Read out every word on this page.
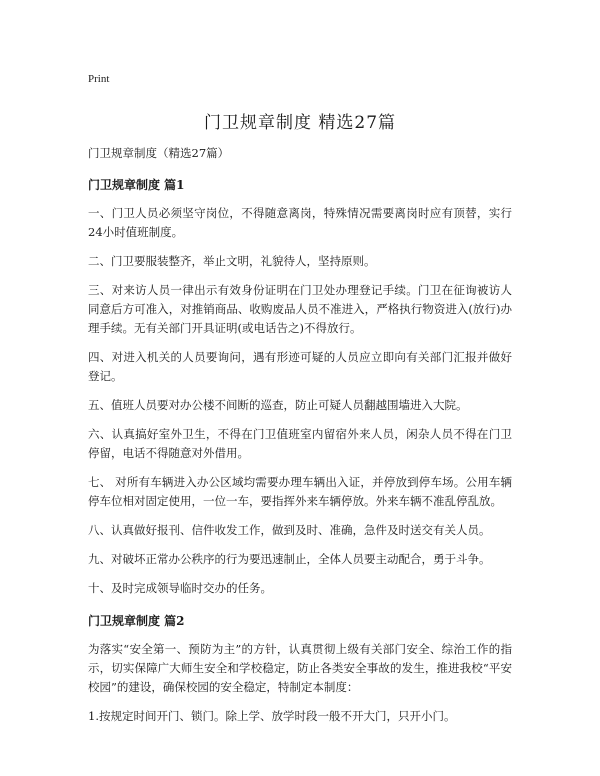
Print
门卫规章制度 精选27篇
门卫规章制度（精选27篇）
门卫规章制度 篇1

一、门卫人员必须坚守岗位，不得随意离岗，特殊情况需要离岗时应有顶替，实行24小时值班制度。

二、门卫要服装整齐，举止文明，礼貌待人，坚持原则。

三、对来访人员一律出示有效身份证明在门卫处办理登记手续。门卫在征询被访人同意后方可准入，对推销商品、收购废品人员不准进入，严格执行物资进入(放行)办理手续。无有关部门开具证明(或电话告之)不得放行。

四、对进入机关的人员要询问，遇有形迹可疑的人员应立即向有关部门汇报并做好登记。

五、值班人员要对办公楼不间断的巡查，防止可疑人员翻越围墙进入大院。

六、认真搞好室外卫生，不得在门卫值班室内留宿外来人员，闲杂人员不得在门卫停留，电话不得随意对外借用。

七、 对所有车辆进入办公区域均需要办理车辆出入证，并停放到停车场。公用车辆停车位相对固定使用，一位一车，要指挥外来车辆停放。外来车辆不准乱停乱放。

八、认真做好报刊、信件收发工作，做到及时、准确，急件及时送交有关人员。

九、对破坏正常办公秩序的行为要迅速制止，全体人员要主动配合，勇于斗争。

十、及时完成领导临时交办的任务。

门卫规章制度 篇2

为落实“安全第一、预防为主”的方针，认真贯彻上级有关部门安全、综治工作的指示，切实保障广大师生安全和学校稳定，防止各类安全事故的发生，推进我校“平安校园”的建设，确保校园的安全稳定，特制定本制度：

1.按规定时间开门、锁门。除上学、放学时段一般不开大门，只开小门。
